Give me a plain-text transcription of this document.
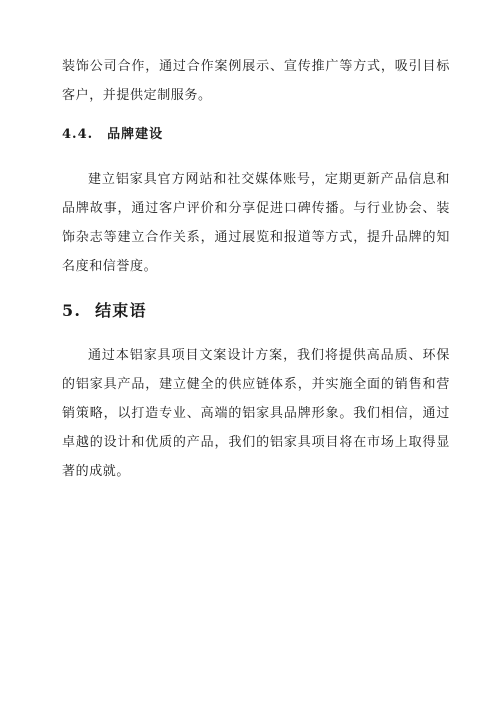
装饰公司合作，通过合作案例展示、宣传推广等方式，吸引目标客户，并提供定制服务。

4.4. 品牌建设

建立铝家具官方网站和社交媒体账号，定期更新产品信息和品牌故事，通过客户评价和分享促进口碑传播。与行业协会、装饰杂志等建立合作关系，通过展览和报道等方式，提升品牌的知名度和信誉度。

5. 结束语

通过本铝家具项目文案设计方案，我们将提供高品质、环保的铝家具产品，建立健全的供应链体系，并实施全面的销售和营销策略，以打造专业、高端的铝家具品牌形象。我们相信，通过卓越的设计和优质的产品，我们的铝家具项目将在市场上取得显著的成就。
